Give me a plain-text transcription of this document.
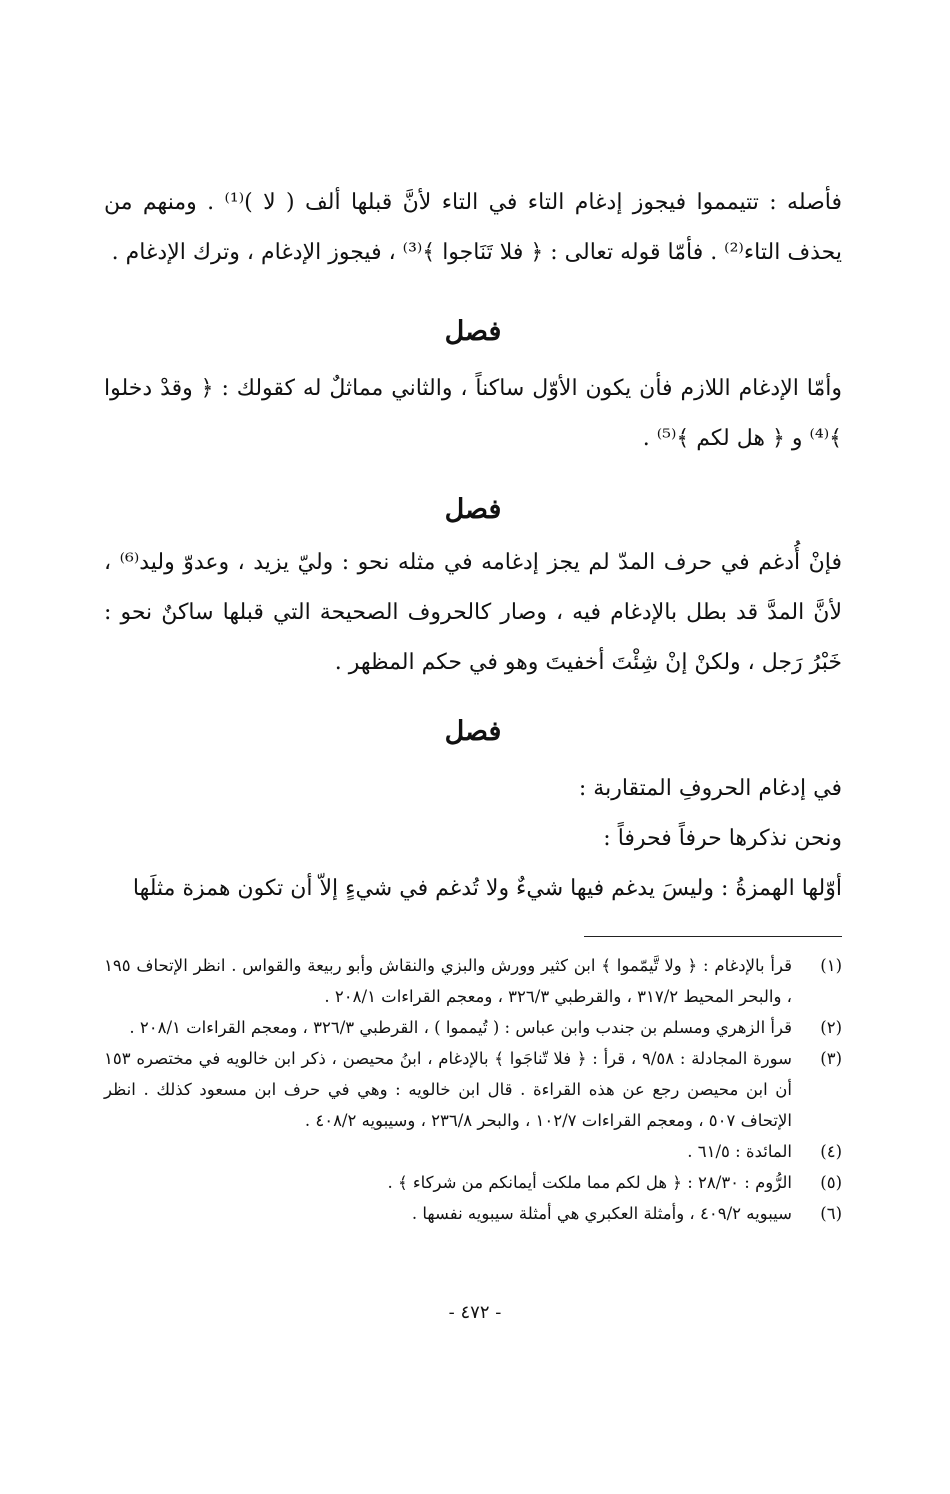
فأصله : تتيمموا فيجوز إدغام التاء في التاء لأنَّ قبلها ألف ( لا )⁽¹⁾ . ومنهم من يحذف التاء⁽²⁾ . فأمّا قوله تعالى : ﴿ فلا تَنَاجوا ﴾⁽³⁾ ، فيجوز الإدغام ، وترك الإدغام .

فصل

وأمّا الإدغام اللازم فأن يكون الأوّل ساكناً ، والثاني مماثلٌ له كقولك : ﴿ وقدْ دخلوا ﴾⁽⁴⁾ و ﴿ هل لكم ﴾⁽⁵⁾ .

فصل

فإنْ أُدغم في حرف المدّ لم يجز إدغامه في مثله نحو : وليّ يزيد ، وعدوّ وليد⁽⁶⁾ ، لأنَّ المدَّ قد بطل بالإدغام فيه ، وصار كالحروف الصحيحة التي قبلها ساكنٌ نحو : خَبْرُ رَجل ، ولكنْ إنْ شِئْتَ أخفيتَ وهو في حكم المظهر .

فصل

في إدغام الحروفِ المتقاربة :

ونحن نذكرها حرفاً فحرفاً :

أوّلها الهمزةُ : وليسَ يدغم فيها شيءٌ ولا تُدغم في شيءٍ إلاّ أن تكون همزة مثلَها

(١)
قرأ بالإدغام : ﴿ ولا تَّيمّموا ﴾ ابن كثير وورش والبزي والنقاش وأبو ربيعة والقواس . انظر الإتحاف ١٩٥ ، والبحر المحيط ٣١٧/٢ ، والقرطبي ٣٢٦/٣ ، ومعجم القراءات ٢٠٨/١ .
(٢)
قرأ الزهري ومسلم بن جندب وابن عباس : ( تُيمموا ) ، القرطبي ٣٢٦/٣ ، ومعجم القراءات ٢٠٨/١ .
(٣)
سورة المجادلة : ٩/٥٨ ، قرأ : ﴿ فلا تّناجَوا ﴾ بالإدغام ، ابنُ محيصن ، ذكر ابن خالويه في مختصره ١٥٣ أن ابن محيصن رجع عن هذه القراءة . قال ابن خالويه : وهي في حرف ابن مسعود كذلك . انظر الإتحاف ٥٠٧ ، ومعجم القراءات ١٠٢/٧ ، والبحر ٢٣٦/٨ ، وسيبويه ٤٠٨/٢ .
(٤)
المائدة : ٦١/٥ .
(٥)
الرُّوم : ٢٨/٣٠ : ﴿ هل لكم مما ملكت أيمانكم من شركاء ﴾ .
(٦)
سيبويه ٤٠٩/٢ ، وأمثلة العكبري هي أمثلة سيبويه نفسها .
- ٤٧٢ -
